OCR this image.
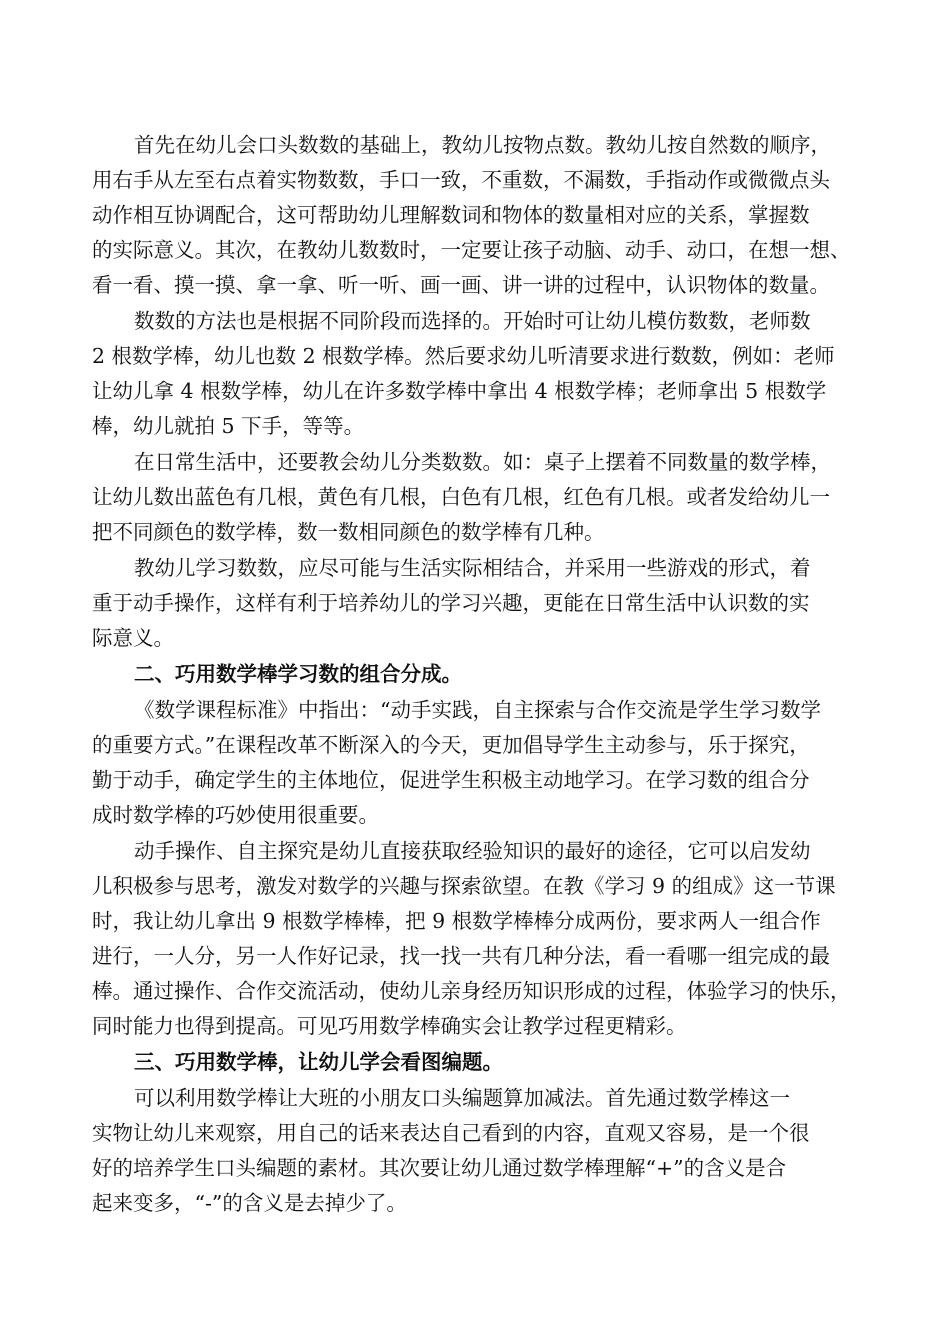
首先在幼儿会口头数数的基础上，教幼儿按物点数。教幼儿按自然数的顺序，
用右手从左至右点着实物数数，手口一致，不重数，不漏数，手指动作或微微点头
动作相互协调配合，这可帮助幼儿理解数词和物体的数量相对应的关系，掌握数
的实际意义。其次，在教幼儿数数时，一定要让孩子动脑、动手、动口，在想一想、
看一看、摸一摸、拿一拿、听一听、画一画、讲一讲的过程中，认识物体的数量。
数数的方法也是根据不同阶段而选择的。开始时可让幼儿模仿数数，老师数
2 根数学棒，幼儿也数 2 根数学棒。然后要求幼儿听清要求进行数数，例如：老师
让幼儿拿 4 根数学棒，幼儿在许多数学棒中拿出 4 根数学棒；老师拿出 5 根数学
棒，幼儿就拍 5 下手，等等。
在日常生活中，还要教会幼儿分类数数。如：桌子上摆着不同数量的数学棒，
让幼儿数出蓝色有几根，黄色有几根，白色有几根，红色有几根。或者发给幼儿一
把不同颜色的数学棒，数一数相同颜色的数学棒有几种。
教幼儿学习数数，应尽可能与生活实际相结合，并采用一些游戏的形式，着
重于动手操作，这样有利于培养幼儿的学习兴趣，更能在日常生活中认识数的实
际意义。
二、巧用数学棒学习数的组合分成。
《数学课程标准》中指出：“动手实践，自主探索与合作交流是学生学习数学
的重要方式。”在课程改革不断深入的今天，更加倡导学生主动参与，乐于探究，
勤于动手，确定学生的主体地位，促进学生积极主动地学习。在学习数的组合分
成时数学棒的巧妙使用很重要。
动手操作、自主探究是幼儿直接获取经验知识的最好的途径，它可以启发幼
儿积极参与思考，激发对数学的兴趣与探索欲望。在教《学习 9 的组成》这一节课
时，我让幼儿拿出 9 根数学棒棒，把 9 根数学棒棒分成两份，要求两人一组合作
进行，一人分，另一人作好记录，找一找一共有几种分法，看一看哪一组完成的最
棒。通过操作、合作交流活动，使幼儿亲身经历知识形成的过程，体验学习的快乐，
同时能力也得到提高。可见巧用数学棒确实会让教学过程更精彩。
三、巧用数学棒，让幼儿学会看图编题。
可以利用数学棒让大班的小朋友口头编题算加减法。首先通过数学棒这一
实物让幼儿来观察，用自己的话来表达自己看到的内容，直观又容易，是一个很
好的培养学生口头编题的素材。其次要让幼儿通过数学棒理解“+”的含义是合
起来变多，“-”的含义是去掉少了。
